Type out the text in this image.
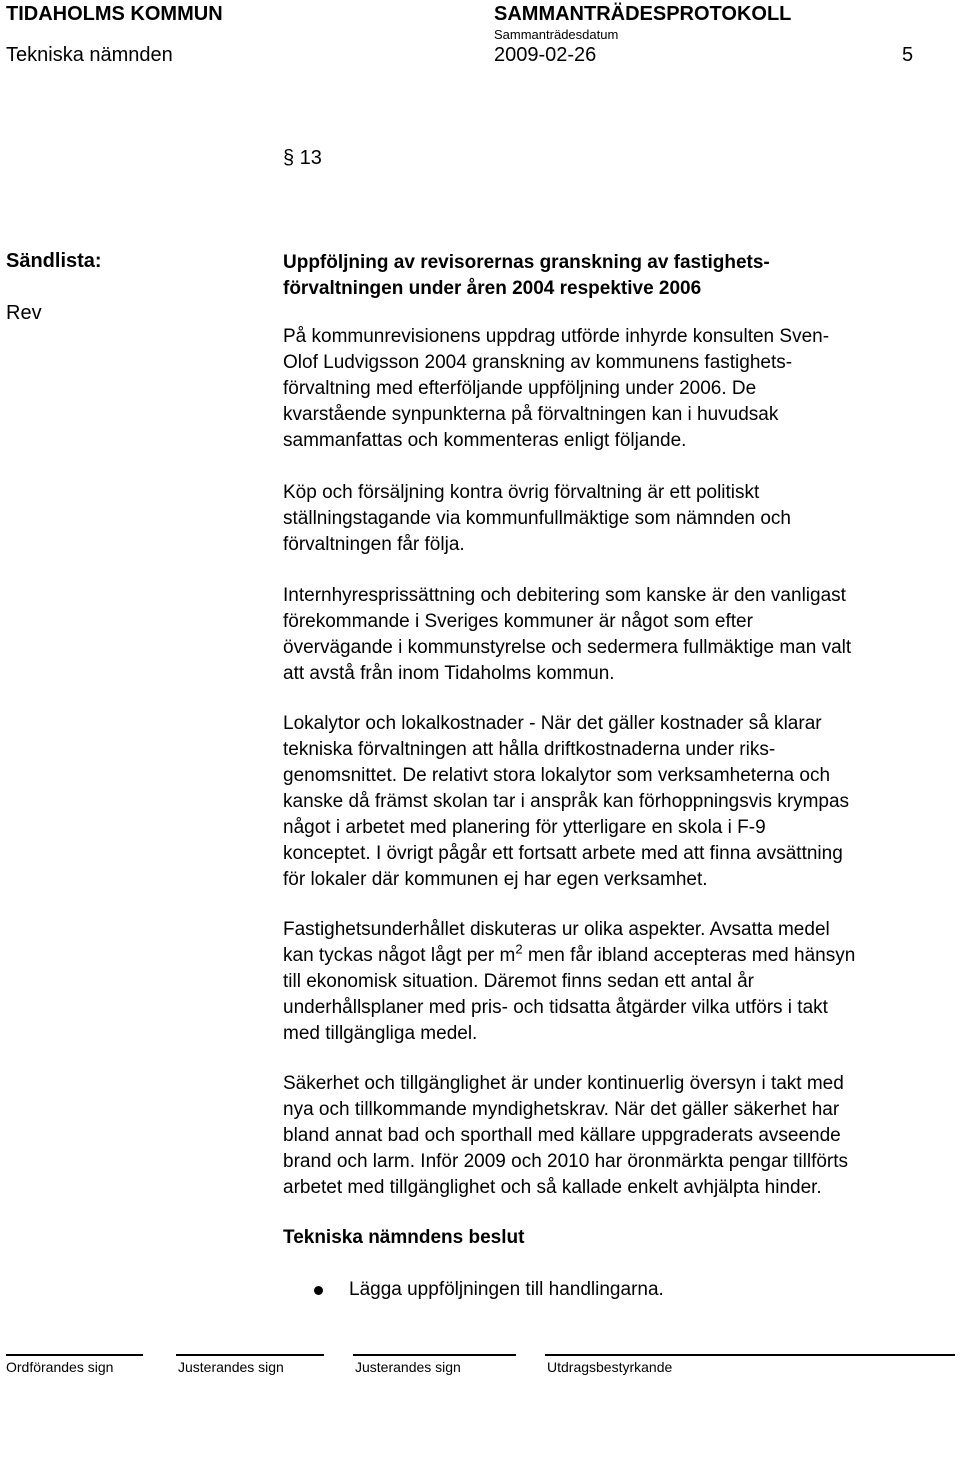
TIDAHOLMS KOMMUN	SAMMANTRÄDESPROTOKOLL
Sammanträdesdatum
Tekniska nämnden	2009-02-26	5
§ 13
Sändlista:
Rev
Uppföljning av revisorernas granskning av fastighets-
förvaltningen under åren 2004 respektive 2006
På kommunrevisionens uppdrag utförde inhyrde konsulten Sven-
Olof Ludvigsson 2004 granskning av kommunens fastighets-
förvaltning med efterföljande uppföljning under 2006. De
kvarstående synpunkterna på förvaltningen kan i huvudsak
sammanfattas och kommenteras enligt följande.
Köp och försäljning kontra övrig förvaltning är ett politiskt
ställningstagande via kommunfullmäktige som nämnden och
förvaltningen får följa.
Internhyresprissättning och debitering som kanske är den vanligast
förekommande i Sveriges kommuner är något som efter
övervägande i kommunstyrelse och sedermera fullmäktige man valt
att avstå från inom Tidaholms kommun.
Lokalytor och lokalkostnader - När det gäller kostnader så klarar
tekniska förvaltningen att hålla driftkostnaderna under riks-
genomsnittet. De relativt stora lokalytor som verksamheterna och
kanske då främst skolan tar i anspråk kan förhoppningsvis krympas
något i arbetet med planering för ytterligare en skola i F-9
konceptet. I övrigt pågår ett fortsatt arbete med att finna avsättning
för lokaler där kommunen ej har egen verksamhet.
Fastighetsunderhållet diskuteras ur olika aspekter. Avsatta medel
kan tyckas något lågt per $m^2$ men får ibland accepteras med hänsyn
till ekonomisk situation. Däremot finns sedan ett antal år
underhållsplaner med pris- och tidsatta åtgärder vilka utförs i takt
med tillgängliga medel.
Säkerhet och tillgänglighet är under kontinuerlig översyn i takt med
nya och tillkommande myndighetskrav. När det gäller säkerhet har
bland annat bad och sporthall med källare uppgraderats avseende
brand och larm. Inför 2009 och 2010 har öronmärkta pengar tillförts
arbetet med tillgänglighet och så kallade enkelt avhjälpta hinder.
Tekniska nämndens beslut
Lägga uppföljningen till handlingarna.
Ordförandes sign	Justerandes sign	Justerandes sign	Utdragsbestyrkande
